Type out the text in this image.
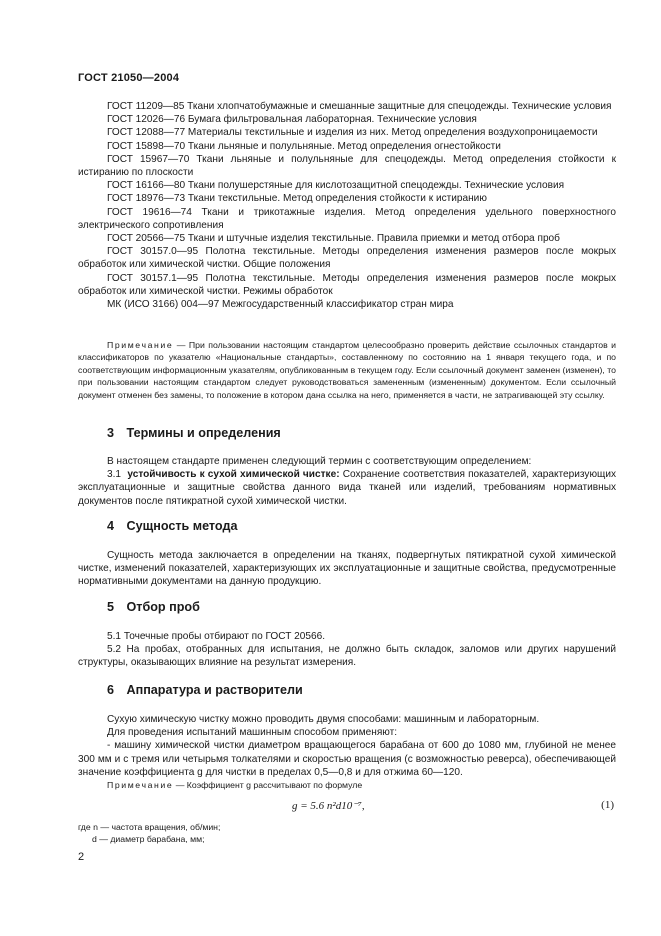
ГОСТ 21050—2004

ГОСТ 11209—85 Ткани хлопчатобумажные и смешанные защитные для спецодежды. Технические условия

ГОСТ 12026—76 Бумага фильтровальная лабораторная. Технические условия

ГОСТ 12088—77 Материалы текстильные и изделия из них. Метод определения воздухопроницаемости

ГОСТ 15898—70 Ткани льняные и полульняные. Метод определения огнестойкости

ГОСТ 15967—70 Ткани льняные и полульняные для спецодежды. Метод определения стойкости к истиранию по плоскости

ГОСТ 16166—80 Ткани полушерстяные для кислотозащитной спецодежды. Технические условия

ГОСТ 18976—73 Ткани текстильные. Метод определения стойкости к истиранию

ГОСТ 19616—74 Ткани и трикотажные изделия. Метод определения удельного поверхностного электрического сопротивления

ГОСТ 20566—75 Ткани и штучные изделия текстильные. Правила приемки и метод отбора проб

ГОСТ 30157.0—95 Полотна текстильные. Методы определения изменения размеров после мокрых обработок или химической чистки. Общие положения

ГОСТ 30157.1—95 Полотна текстильные. Методы определения изменения размеров после мокрых обработок или химической чистки. Режимы обработок

МК (ИСО 3166) 004—97 Межгосударственный классификатор стран мира

Примечание — При пользовании настоящим стандартом целесообразно проверить действие ссылочных стандартов и классификаторов по указателю «Национальные стандарты», составленному по состоянию на 1 января текущего года, и по соответствующим информационным указателям, опубликованным в текущем году. Если ссылочный документ заменен (изменен), то при пользовании настоящим стандартом следует руководствоваться замененным (измененным) документом. Если ссылочный документ отменен без замены, то положение в котором дана ссылка на него, применяется в части, не затрагивающей эту ссылку.
3 Термины и определения

В настоящем стандарте применен следующий термин с соответствующим определением:

3.1 устойчивость к сухой химической чистке: Сохранение соответствия показателей, характеризующих эксплуатационные и защитные свойства данного вида тканей или изделий, требованиям нормативных документов после пятикратной сухой химической чистки.

4 Сущность метода

Сущность метода заключается в определении на тканях, подвергнутых пятикратной сухой химической чистке, изменений показателей, характеризующих их эксплуатационные и защитные свойства, предусмотренные нормативными документами на данную продукцию.

5 Отбор проб

5.1 Точечные пробы отбирают по ГОСТ 20566.

5.2 На пробах, отобранных для испытания, не должно быть складок, заломов или других нарушений структуры, оказывающих влияние на результат измерения.

6 Аппаратура и растворители

Сухую химическую чистку можно проводить двумя способами: машинным и лабораторным.

Для проведения испытаний машинным способом применяют:

- машину химической чистки диаметром вращающегося барабана от 600 до 1080 мм, глубиной не менее 300 мм и с тремя или четырьмя толкателями и скоростью вращения (с возможностью реверса), обеспечивающей значение коэффициента g для чистки в пределах 0,5—0,8 и для отжима 60—120.

Примечание — Коэффициент g рассчитывают по формуле
g = 5.6 n²d10⁻⁷,	(1)
где n — частота вращения, об/мин;
d — диаметр барабана, мм;
2
